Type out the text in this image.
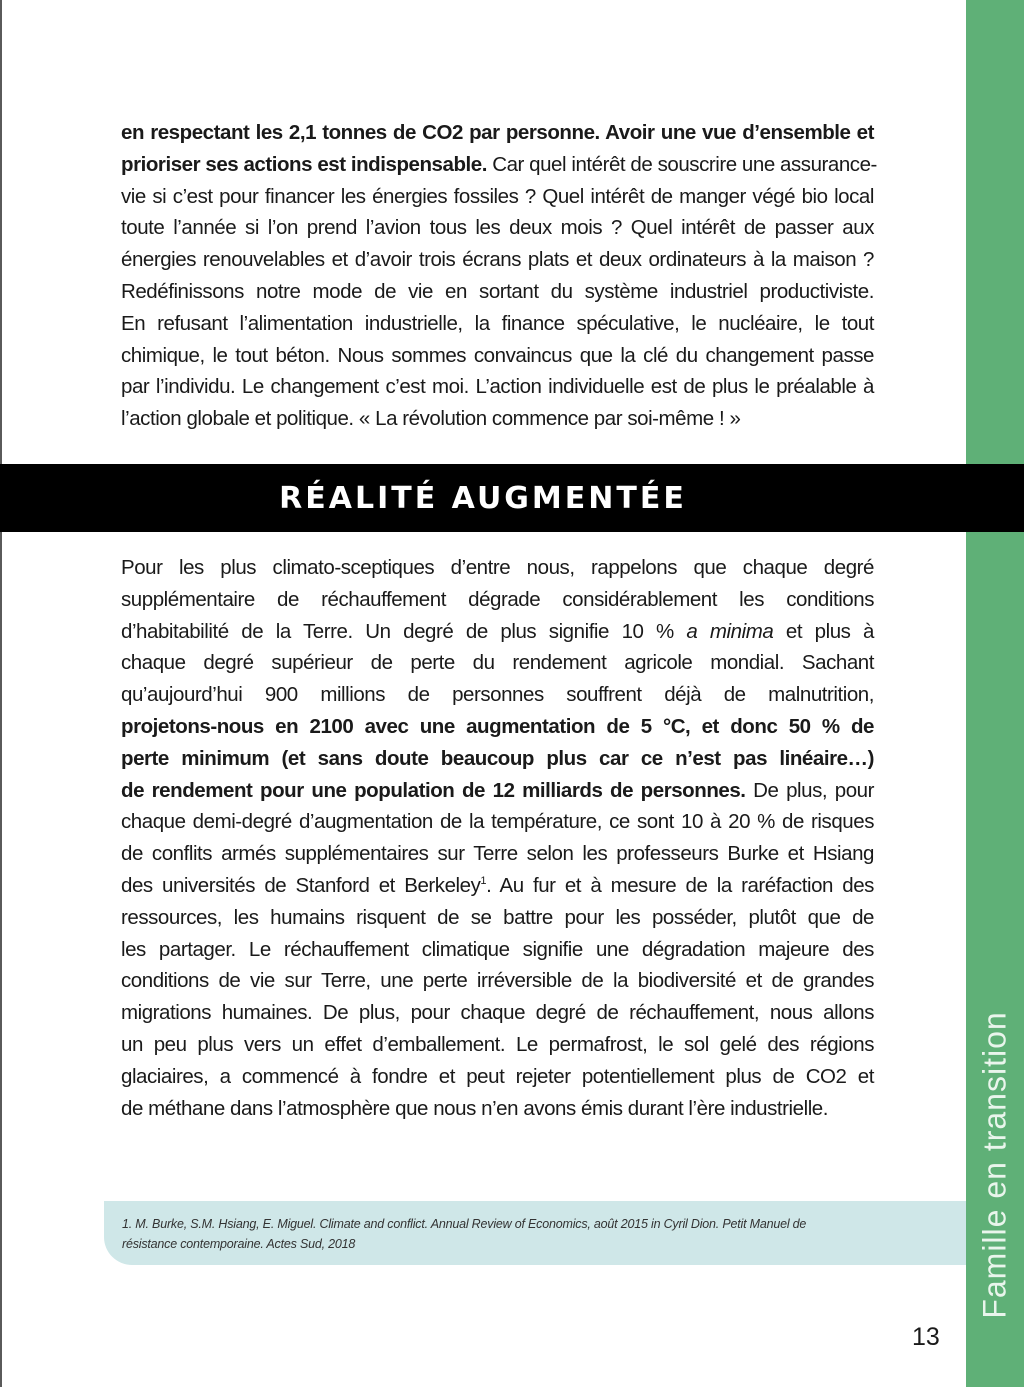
Famille en transition
en respectant les 2,1 tonnes de CO2 par personne. Avoir une vue d’ensemble et
prioriser ses actions est indispensable. Car quel intérêt de souscrire une assurance-
vie si c’est pour financer les énergies fossiles ? Quel intérêt de manger végé bio local
toute l’année si l’on prend l’avion tous les deux mois ? Quel intérêt de passer aux
énergies renouvelables et d’avoir trois écrans plats et deux ordinateurs à la maison ?
Redéfinissons notre mode de vie en sortant du système industriel productiviste.
En refusant l’alimentation industrielle, la finance spéculative, le nucléaire, le tout
chimique, le tout béton. Nous sommes convaincus que la clé du changement passe
par l’individu. Le changement c’est moi. L’action individuelle est de plus le préalable à
l’action globale et politique. « La révolution commence par soi-même ! »
RÉALITÉ AUGMENTÉE
Pour les plus climato-sceptiques d’entre nous, rappelons que chaque degré
supplémentaire de réchauffement dégrade considérablement les conditions
d’habitabilité de la Terre. Un degré de plus signifie 10 % a minima et plus à
chaque degré supérieur de perte du rendement agricole mondial. Sachant
qu’aujourd’hui 900 millions de personnes souffrent déjà de malnutrition,
projetons-nous en 2100 avec une augmentation de 5 °C, et donc 50 % de
perte minimum (et sans doute beaucoup plus car ce n’est pas linéaire…)
de rendement pour une population de 12 milliards de personnes. De plus, pour
chaque demi-degré d’augmentation de la température, ce sont 10 à 20 % de risques
de conflits armés supplémentaires sur Terre selon les professeurs Burke et Hsiang
des universités de Stanford et Berkeley$^1$. Au fur et à mesure de la raréfaction des
ressources, les humains risquent de se battre pour les posséder, plutôt que de
les partager. Le réchauffement climatique signifie une dégradation majeure des
conditions de vie sur Terre, une perte irréversible de la biodiversité et de grandes
migrations humaines. De plus, pour chaque degré de réchauffement, nous allons
un peu plus vers un effet d’emballement. Le permafrost, le sol gelé des régions
glaciaires, a commencé à fondre et peut rejeter potentiellement plus de CO2 et
de méthane dans l’atmosphère que nous n’en avons émis durant l’ère industrielle.
1. M. Burke, S.M. Hsiang, E. Miguel. Climate and conflict. Annual Review of Economics, août 2015 in Cyril Dion. Petit Manuel de résistance contemporaine. Actes Sud, 2018
13
